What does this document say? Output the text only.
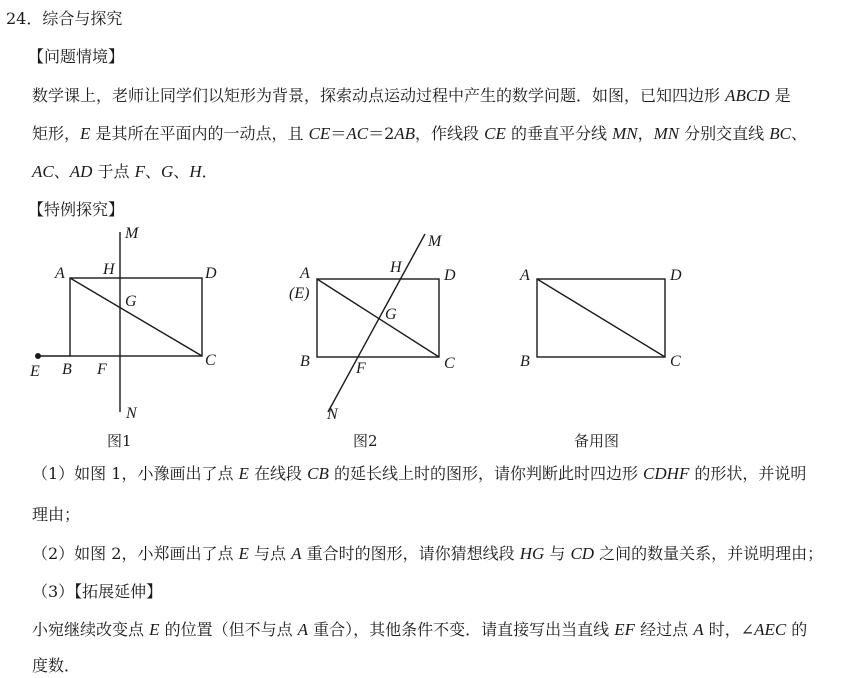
24．综合与探究
【问题情境】
数学课上，老师让同学们以矩形为背景，探索动点运动过程中产生的数学问题．如图，已知四边形 ABCD 是
矩形，E 是其所在平面内的一动点，且 CE＝AC＝2AB，作线段 CE 的垂直平分线 MN，MN 分别交直线 BC、
AC、AD 于点 F、G、H．
【特例探究】
A H	D
M
G
C
E B F
N
图1
A
(E)
H	D
M
G
B	C
F
N
图2
A	D
B	C
备用图
（1）如图 1，小豫画出了点 E 在线段 CB 的延长线上时的图形，请你判断此时四边形 CDHF 的形状，并说明
理由；
（2）如图 2，小郑画出了点 E 与点 A 重合时的图形，请你猜想线段 HG 与 CD 之间的数量关系，并说明理由；
（3）【拓展延伸】
小宛继续改变点 E 的位置（但不与点 A 重合），其他条件不变．请直接写出当直线 EF 经过点 A 时，∠AEC 的
度数．
